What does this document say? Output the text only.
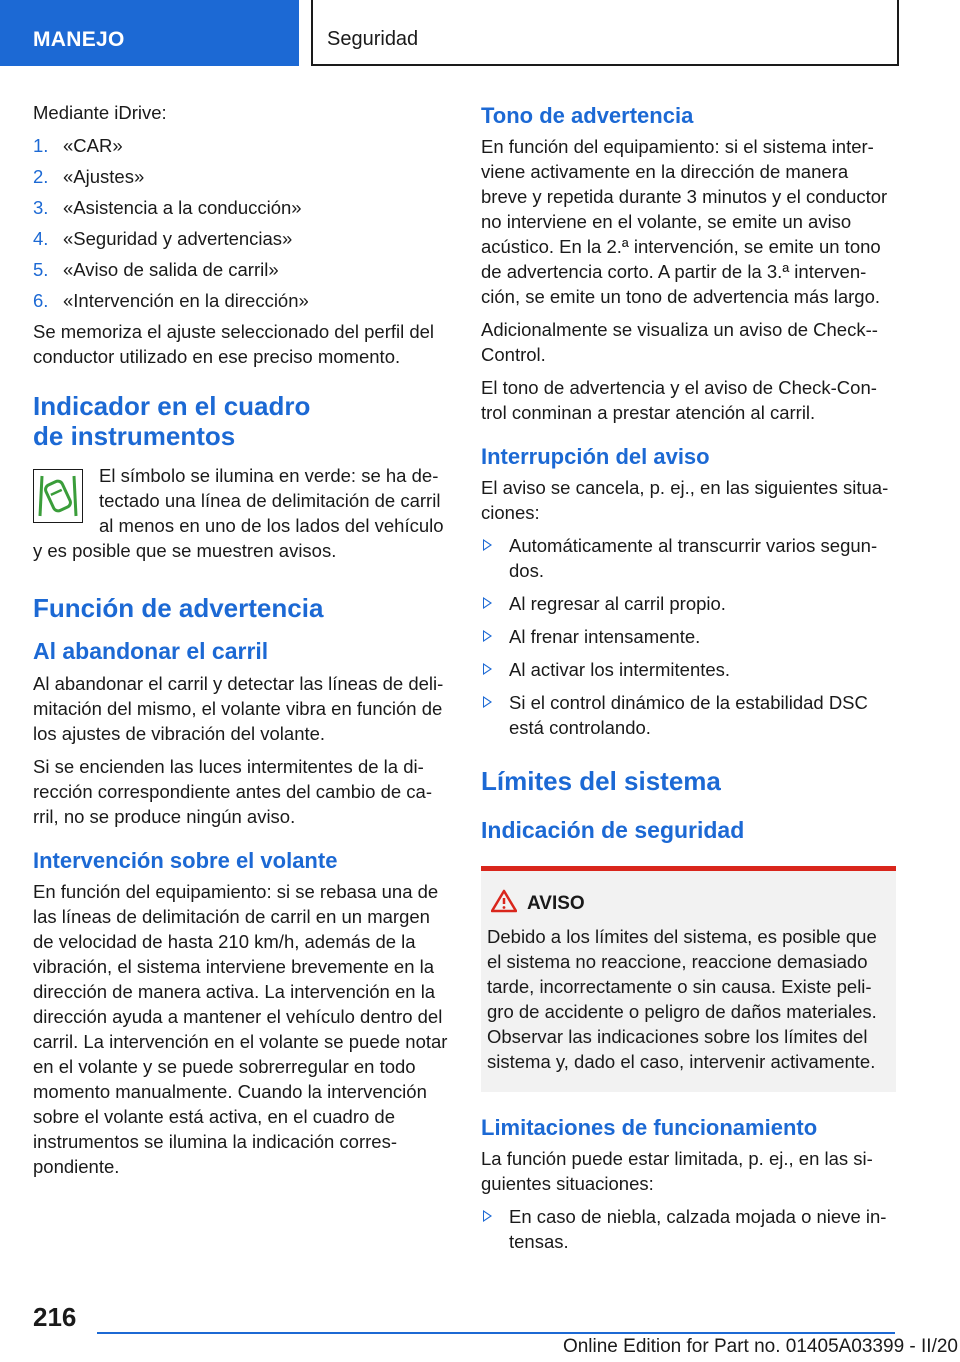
MANEJO	Seguridad

Mediante iDrive:

1. «CAR»
2. «Ajustes»
3. «Asistencia a la conducción»
4. «Seguridad y advertencias»
5. «Aviso de salida de carril»
6. «Intervención en la dirección»

Se memoriza el ajuste seleccionado del perfil del conductor utilizado en ese preciso momento.

Indicador en el cuadro
de instrumentos
El símbolo se ilumina en verde: se ha detectado una línea de delimitación de carril al menos en uno de los lados del vehículo y es posible que se muestren avisos.
Función de advertencia
Al abandonar el carril

Al abandonar el carril y detectar las líneas de delimitación del mismo, el volante vibra en función de los ajustes de vibración del volante.

Si se encienden las luces intermitentes de la dirección correspondiente antes del cambio de carril, no se produce ningún aviso.

Intervención sobre el volante

En función del equipamiento: si se rebasa una de las líneas de delimitación de carril en un margen de velocidad de hasta 210 km/h, además de la vibración, el sistema interviene brevemente en la dirección de manera activa. La intervención en la dirección ayuda a mantener el vehículo dentro del carril. La intervención en el volante se puede notar en el volante y se puede sobrerregular en todo momento manualmente. Cuando la intervención sobre el volante está activa, en el cuadro de instrumentos se ilumina la indicación correspondiente.

Tono de advertencia

En función del equipamiento: si el sistema interviene activamente en la dirección de manera breve y repetida durante 3 minutos y el conductor no interviene en el volante, se emite un aviso acústico. En la 2.ª intervención, se emite un tono de advertencia corto. A partir de la 3.ª intervención, se emite un tono de advertencia más largo.

Adicionalmente se visualiza un aviso de Check-Control.

El tono de advertencia y el aviso de Check-Control conminan a prestar atención al carril.

Interrupción del aviso

El aviso se cancela, p. ej., en las siguientes situaciones:

Automáticamente al transcurrir varios segundos.
Al regresar al carril propio.
Al frenar intensamente.
Al activar los intermitentes.
Si el control dinámico de la estabilidad DSC está controlando.
Límites del sistema
Indicación de seguridad
AVISO
Debido a los límites del sistema, es posible que el sistema no reaccione, reaccione demasiado tarde, incorrectamente o sin causa. Existe peligro de accidente o peligro de daños materiales. Observar las indicaciones sobre los límites del sistema y, dado el caso, intervenir activamente.
Limitaciones de funcionamiento

La función puede estar limitada, p. ej., en las siguientes situaciones:

En caso de niebla, calzada mojada o nieve intensas.
216
Online Edition for Part no. 01405A03399 - II/20
